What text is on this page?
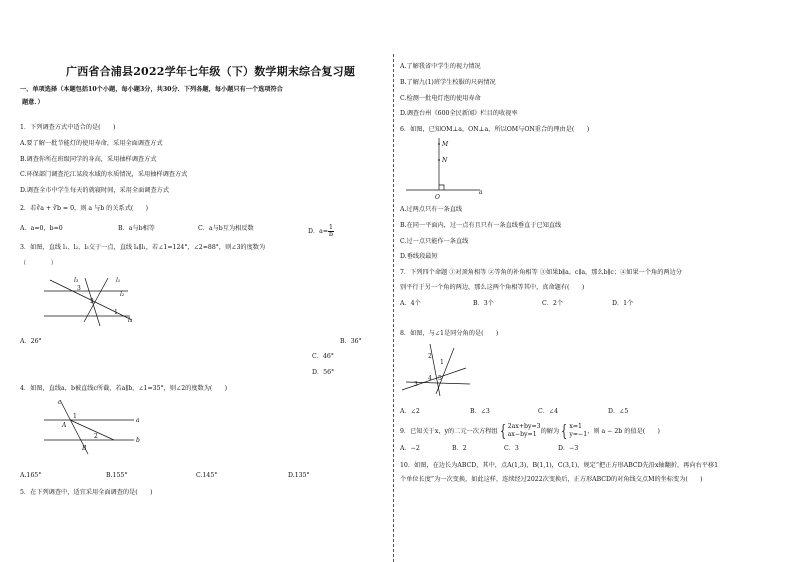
广西省合浦县2022学年七年级（下）数学期末综合复习题
一、单项选择（本题包括10个小题，每小题3分，共30分．下列各题，每小题只有一个选项符合
题意．）
1．下列调查方式中适合的是(　　)
A.要了解一批节能灯的使用寿命，采用全面调查方式
B.调查你所在班级同学的身高，采用抽样调查方式
C.环保部门调查沱江某段水域的水质情况，采用抽样调查方式
D.调查全市中学生每天的就寝时间，采用全面调查方式
2．若∛a + ∛b = 0，则 a 与b 的关系式(　　)
A．a=0，b=0	B．a与b相等	C．a与b互为相反数	D．$a= \frac{1}{b}$
3．如图，直线 l₁、l₂、l₃交于一点，直线 l₄∥l₁，若∠1=124°，∠2=88°，则∠3的度数为
（　　　　）
l₃	l₁
l₂
l₄
3
2
1
A．26°	B．36°
C．46°
D．56°
4．如图，直线a，b被直线c所截，若a∥b，∠1=35°，则∠2的度数为(　　)
c
A
1
a
2
B
b
A.165°	B.155°	C.145°	D.135°
5．在下列调查中，适宜采用全面调查的是(　　)
A.了解我省中学生的视力情况
B.了解九(1)班学生校服的尺码情况
C.检测一批电灯泡的使用寿命
D.调查台州《600全民新闻》栏目的收视率
6．如图，已知OM⊥a，ON⊥a，所以OM与ON重合的理由是(　　)
M
N
O
a
A.过两点只有一条直线
B.在同一平面内，过一点有且只有一条直线垂直于已知直线
C.过一点只能作一条直线
D.垂线段最短
7．下列四个命题 ①对顶角相等 ②等角的补角相等 ③如果b∥a，c∥a，那么b∥c；④如果一个角的两边分
别平行于另一个角的两边，那么这两个角相等其中，真命题有(　　)
A．4个	B．3个	C．2个	D．1个
8．如图，与∠1是同分角的是(　　)
2
1
4 5
3
A．∠2	B．∠3	C．∠4	D．∠5
9．已知关于x，y的二元一次方程组 { 2ax+by=3
ax−by=1
的解为 { x=1
y=−1
，则 a − 2b 的值是(　　)
A．−2	B．2	C．3	D．−3
10．如图，在边长为ABCD，其中，点A(1,3)，B(1,1)，C(3,1)，规定“把正方形ABCD先沿x轴翻折，再向右平移1
个单位长度”为一次变换，如此这样，连续经过2022次变换后，正方形ABCD的对角线交点M的坐标变为(　　)
